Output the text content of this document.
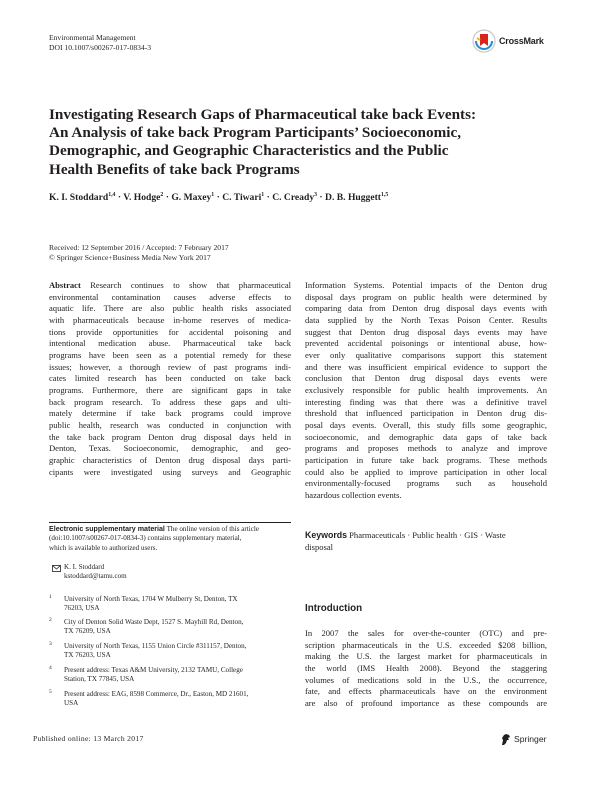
Environmental Management
DOI 10.1007/s00267-017-0834-3
CrossMark
Investigating Research Gaps of Pharmaceutical take back Events:
An Analysis of take back Program Participants’ Socioeconomic,
Demographic, and Geographic Characteristics and the Public
Health Benefits of take back Programs
K. I. Stoddard$^{1,4}$ · V. Hodge$^2$ · G. Maxey$^1$ · C. Tiwari$^1$ · C. Cready$^3$ · D. B. Huggett$^{1,5}$
Received: 12 September 2016 / Accepted: 7 February 2017
© Springer Science+Business Media New York 2017
Abstract Research continues to show that pharmaceutical
environmental contamination causes adverse effects to
aquatic life. There are also public health risks associated
with pharmaceuticals because in-home reserves of medica-
tions provide opportunities for accidental poisoning and
intentional medication abuse. Pharmaceutical take back
programs have been seen as a potential remedy for these
issues; however, a thorough review of past programs indi-
cates limited research has been conducted on take back
programs. Furthermore, there are significant gaps in take
back program research. To address these gaps and ulti-
mately determine if take back programs could improve
public health, research was conducted in conjunction with
the take back program Denton drug disposal days held in
Denton, Texas. Socioeconomic, demographic, and geo-
graphic characteristics of Denton drug disposal days parti-
cipants were investigated using surveys and Geographic
Information Systems. Potential impacts of the Denton drug
disposal days program on public health were determined by
comparing data from Denton drug disposal days events with
data supplied by the North Texas Poison Center. Results
suggest that Denton drug disposal days events may have
prevented accidental poisonings or intentional abuse, how-
ever only qualitative comparisons support this statement
and there was insufficient empirical evidence to support the
conclusion that Denton drug disposal days events were
exclusively responsible for public health improvements. An
interesting finding was that there was a definitive travel
threshold that influenced participation in Denton drug dis-
posal days events. Overall, this study fills some geographic,
socioeconomic, and demographic data gaps of take back
programs and proposes methods to analyze and improve
participation in future take back programs. These methods
could also be applied to improve participation in other local
environmentally-focused programs such as household
hazardous collection events.
Keywords Pharmaceuticals · Public health · GIS · Waste
disposal
Electronic supplementary material The online version of this article
(doi:10.1007/s00267-017-0834-3) contains supplementary material,
which is available to authorized users.
K. I. Stoddard
kstoddard@tamu.com
1 University of North Texas, 1704 W Mulberry St, Denton, TX
76203, USA
2 City of Denton Solid Waste Dept, 1527 S. Mayhill Rd, Denton,
TX 76209, USA
3 University of North Texas, 1155 Union Circle #311157, Denton,
TX 76203, USA
4 Present address: Texas A&M University, 2132 TAMU, College
Station, TX 77845, USA
5 Present address: EAG, 8598 Commerce, Dr., Easton, MD 21601,
USA
Introduction
In 2007 the sales for over-the-counter (OTC) and pre-
scription pharmaceuticals in the U.S. exceeded $208 billion,
making the U.S. the largest market for pharmaceuticals in
the world (IMS Health 2008). Beyond the staggering
volumes of medications sold in the U.S., the occurrence,
fate, and effects pharmaceuticals have on the environment
are also of profound importance as these compounds are
Published online: 13 March 2017	Springer
